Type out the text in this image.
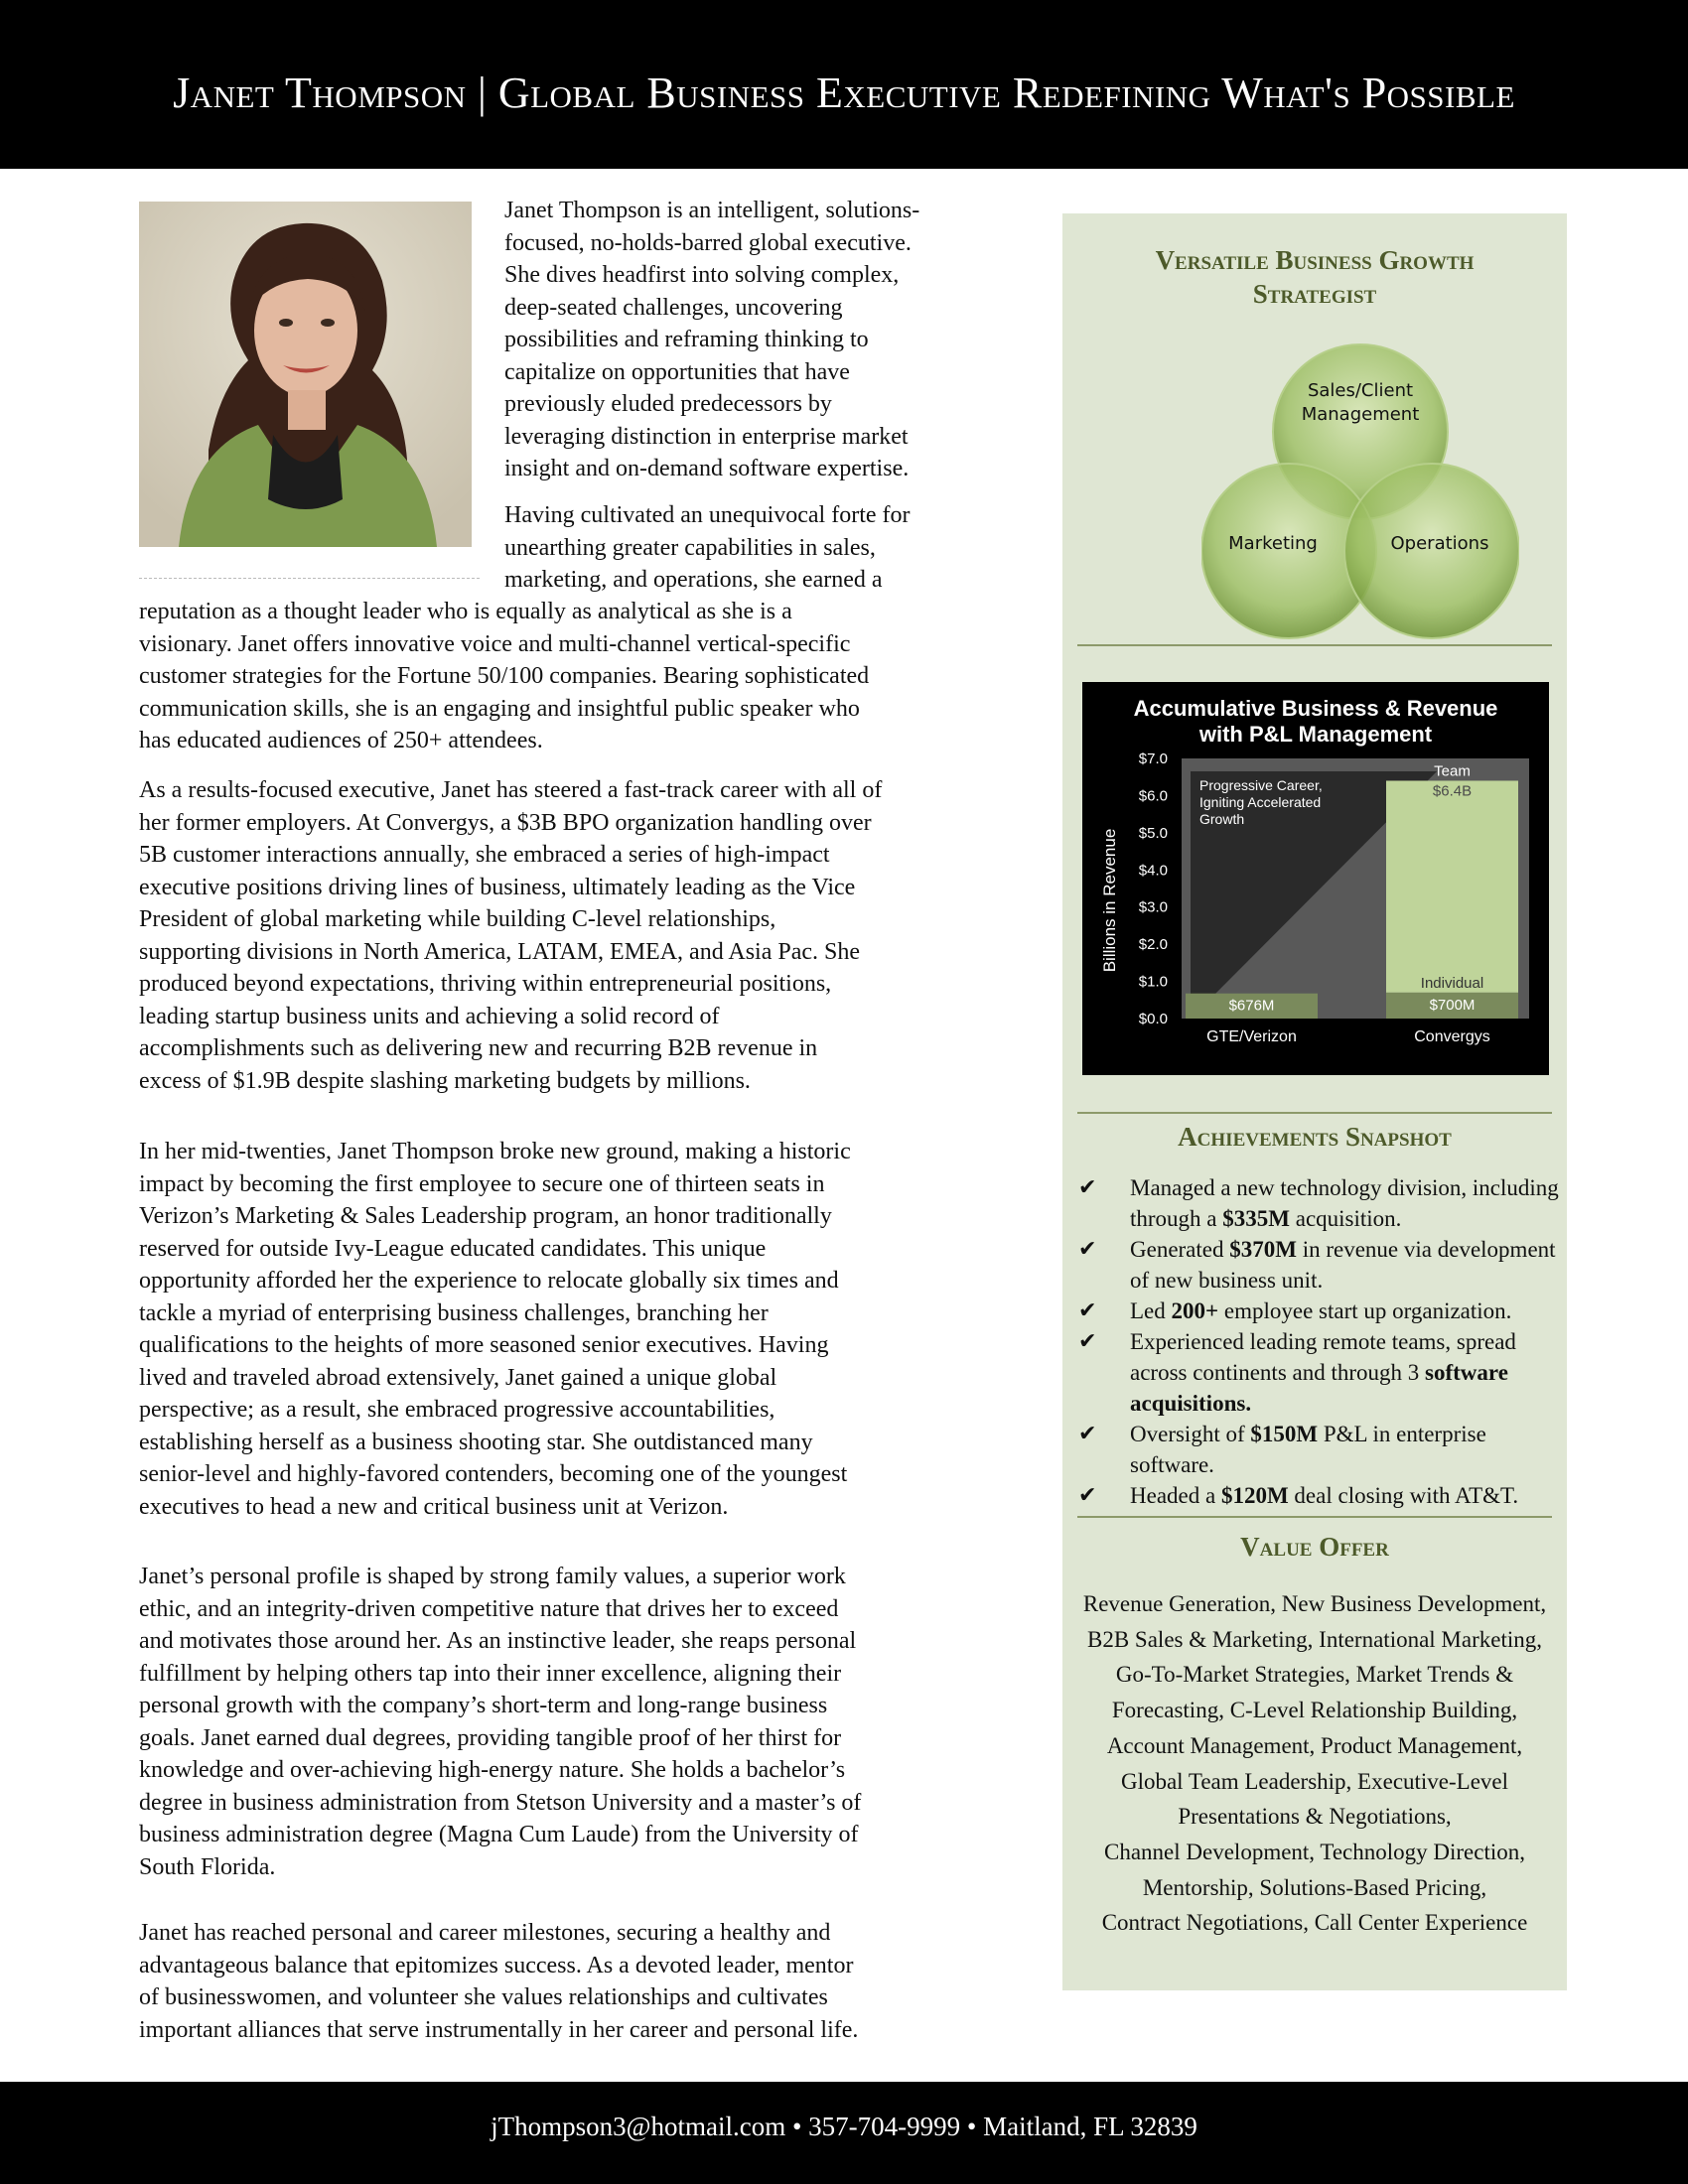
Janet Thompson | Global Business Executive Redefining What's Possible
Janet Thompson is an intelligent, solutions-
focused, no-holds-barred global executive.
She dives headfirst into solving complex,
deep-seated challenges, uncovering
possibilities and reframing thinking to
capitalize on opportunities that have
previously eluded predecessors by
leveraging distinction in enterprise market
insight and on-demand software expertise.
Having cultivated an unequivocal forte for
unearthing greater capabilities in sales,
marketing, and operations, she earned a
reputation as a thought leader who is equally as analytical as she is a
visionary. Janet offers innovative voice and multi-channel vertical-specific
customer strategies for the Fortune 50/100 companies. Bearing sophisticated
communication skills, she is an engaging and insightful public speaker who
has educated audiences of 250+ attendees.
As a results-focused executive, Janet has steered a fast-track career with all of
her former employers. At Convergys, a $3B BPO organization handling over
5B customer interactions annually, she embraced a series of high-impact
executive positions driving lines of business, ultimately leading as the Vice
President of global marketing while building C-level relationships,
supporting divisions in North America, LATAM, EMEA, and Asia Pac. She
produced beyond expectations, thriving within entrepreneurial positions,
leading startup business units and achieving a solid record of
accomplishments such as delivering new and recurring B2B revenue in
excess of $1.9B despite slashing marketing budgets by millions.
In her mid-twenties, Janet Thompson broke new ground, making a historic
impact by becoming the first employee to secure one of thirteen seats in
Verizon’s Marketing & Sales Leadership program, an honor traditionally
reserved for outside Ivy-League educated candidates. This unique
opportunity afforded her the experience to relocate globally six times and
tackle a myriad of enterprising business challenges, branching her
qualifications to the heights of more seasoned senior executives. Having
lived and traveled abroad extensively, Janet gained a unique global
perspective; as a result, she embraced progressive accountabilities,
establishing herself as a business shooting star. She outdistanced many
senior-level and highly-favored contenders, becoming one of the youngest
executives to head a new and critical business unit at Verizon.
Janet’s personal profile is shaped by strong family values, a superior work
ethic, and an integrity-driven competitive nature that drives her to exceed
and motivates those around her. As an instinctive leader, she reaps personal
fulfillment by helping others tap into their inner excellence, aligning their
personal growth with the company’s short-term and long-range business
goals. Janet earned dual degrees, providing tangible proof of her thirst for
knowledge and over-achieving high-energy nature. She holds a bachelor’s
degree in business administration from Stetson University and a master’s of
business administration degree (Magna Cum Laude) from the University of
South Florida.
Janet has reached personal and career milestones, securing a healthy and
advantageous balance that epitomizes success. As a devoted leader, mentor
of businesswomen, and volunteer she values relationships and cultivates
important alliances that serve instrumentally in her career and personal life.
Versatile Business Growth
Strategist
Sales/Client
Management
Marketing	Operations
Accumulative Business & Revenue
with P&L Management
Billions in Revenue
Progressive Career,
Igniting Accelerated
Growth
$0.0
$1.0
$2.0
$3.0
$4.0
$5.0
$6.0
$7.0
$676M	$700M
$6.4B
Team
Individual
GTE/Verizon	Convergys
Achievements Snapshot
✔ Managed a new technology division, including through a $335M acquisition.
✔ Generated $370M in revenue via development of new business unit.
✔ Led 200+ employee start up organization.
✔ Experienced leading remote teams, spread across continents and through 3 software acquisitions.
✔ Oversight of $150M P&L in enterprise software.
✔ Headed a $120M deal closing with AT&T.
Value Offer
Revenue Generation, New Business Development,
B2B Sales & Marketing, International Marketing,
Go-To-Market Strategies, Market Trends &
Forecasting, C-Level Relationship Building,
Account Management, Product Management,
Global Team Leadership, Executive-Level
Presentations & Negotiations,
Channel Development, Technology Direction,
Mentorship, Solutions-Based Pricing,
Contract Negotiations, Call Center Experience
jThompson3@hotmail.com • 357-704-9999 • Maitland, FL 32839
